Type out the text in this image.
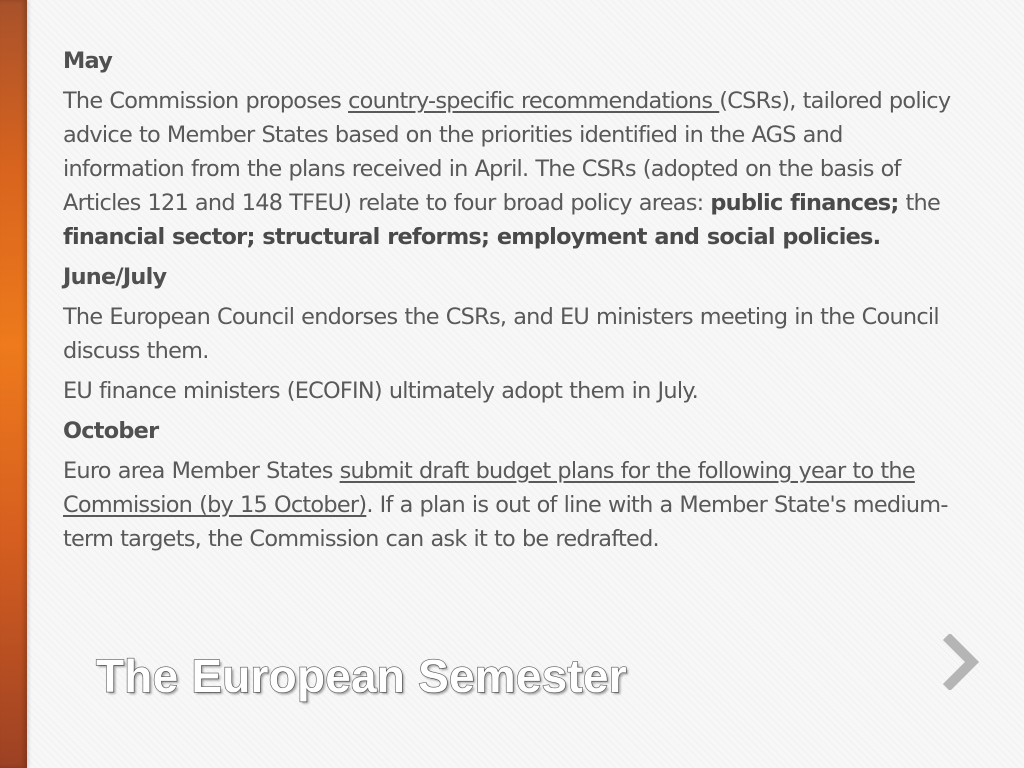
May

The Commission proposes country-specific recommendations (CSRs), tailored policy advice to Member States based on the priorities identified in the AGS and information from the plans received in April. The CSRs (adopted on the basis of Articles 121 and 148 TFEU) relate to four broad policy areas: public finances; the financial sector; structural reforms; employment and social policies.

June/July

The European Council endorses the CSRs, and EU ministers meeting in the Council discuss them.

EU finance ministers (ECOFIN) ultimately adopt them in July.

October

Euro area Member States submit draft budget plans for the following year to the Commission (by 15 October). If a plan is out of line with a Member State's medium-term targets, the Commission can ask it to be redrafted.

The European Semester
